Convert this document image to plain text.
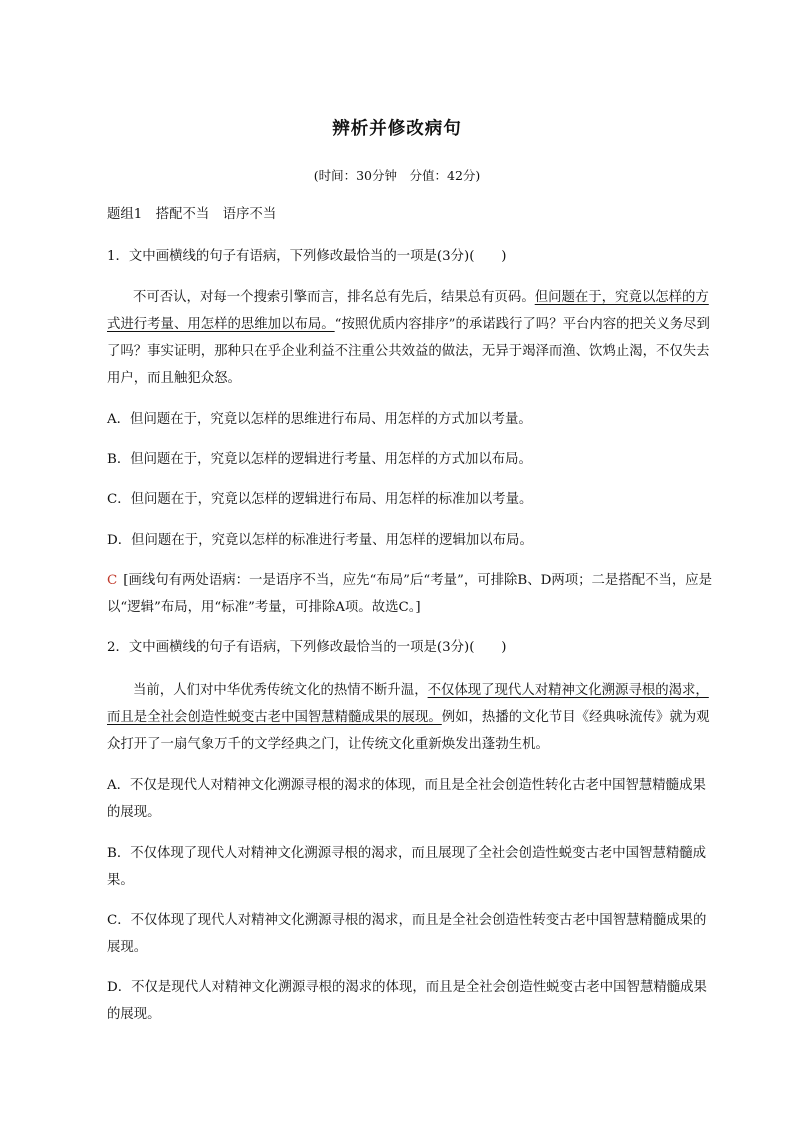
辨析并修改病句
(时间：30分钟　分值：42分)
题组1　搭配不当　语序不当
1．文中画横线的句子有语病，下列修改最恰当的一项是(3分)(　　)
不可否认，对每一个搜索引擎而言，排名总有先后，结果总有页码。但问题在于，究竟以怎样的方式进行考量、用怎样的思维加以布局。“按照优质内容排序”的承诺践行了吗？平台内容的把关义务尽到了吗？事实证明，那种只在乎企业利益不注重公共效益的做法，无异于竭泽而渔、饮鸩止渴，不仅失去用户，而且触犯众怒。
A．但问题在于，究竟以怎样的思维进行布局、用怎样的方式加以考量。
B．但问题在于，究竟以怎样的逻辑进行考量、用怎样的方式加以布局。
C．但问题在于，究竟以怎样的逻辑进行布局、用怎样的标准加以考量。
D．但问题在于，究竟以怎样的标准进行考量、用怎样的逻辑加以布局。
C [画线句有两处语病：一是语序不当，应先“布局”后“考量”，可排除B、D两项；二是搭配不当，应是以“逻辑”布局，用“标准”考量，可排除A项。故选C。]
2．文中画横线的句子有语病，下列修改最恰当的一项是(3分)(　　)
当前，人们对中华优秀传统文化的热情不断升温，不仅体现了现代人对精神文化溯源寻根的渴求，而且是全社会创造性蜕变古老中国智慧精髓成果的展现。例如，热播的文化节目《经典咏流传》就为观众打开了一扇气象万千的文学经典之门，让传统文化重新焕发出蓬勃生机。
A．不仅是现代人对精神文化溯源寻根的渴求的体现，而且是全社会创造性转化古老中国智慧精髓成果的展现。
B．不仅体现了现代人对精神文化溯源寻根的渴求，而且展现了全社会创造性蜕变古老中国智慧精髓成果。
C．不仅体现了现代人对精神文化溯源寻根的渴求，而且是全社会创造性转变古老中国智慧精髓成果的展现。
D．不仅是现代人对精神文化溯源寻根的渴求的体现，而且是全社会创造性蜕变古老中国智慧精髓成果的展现。
